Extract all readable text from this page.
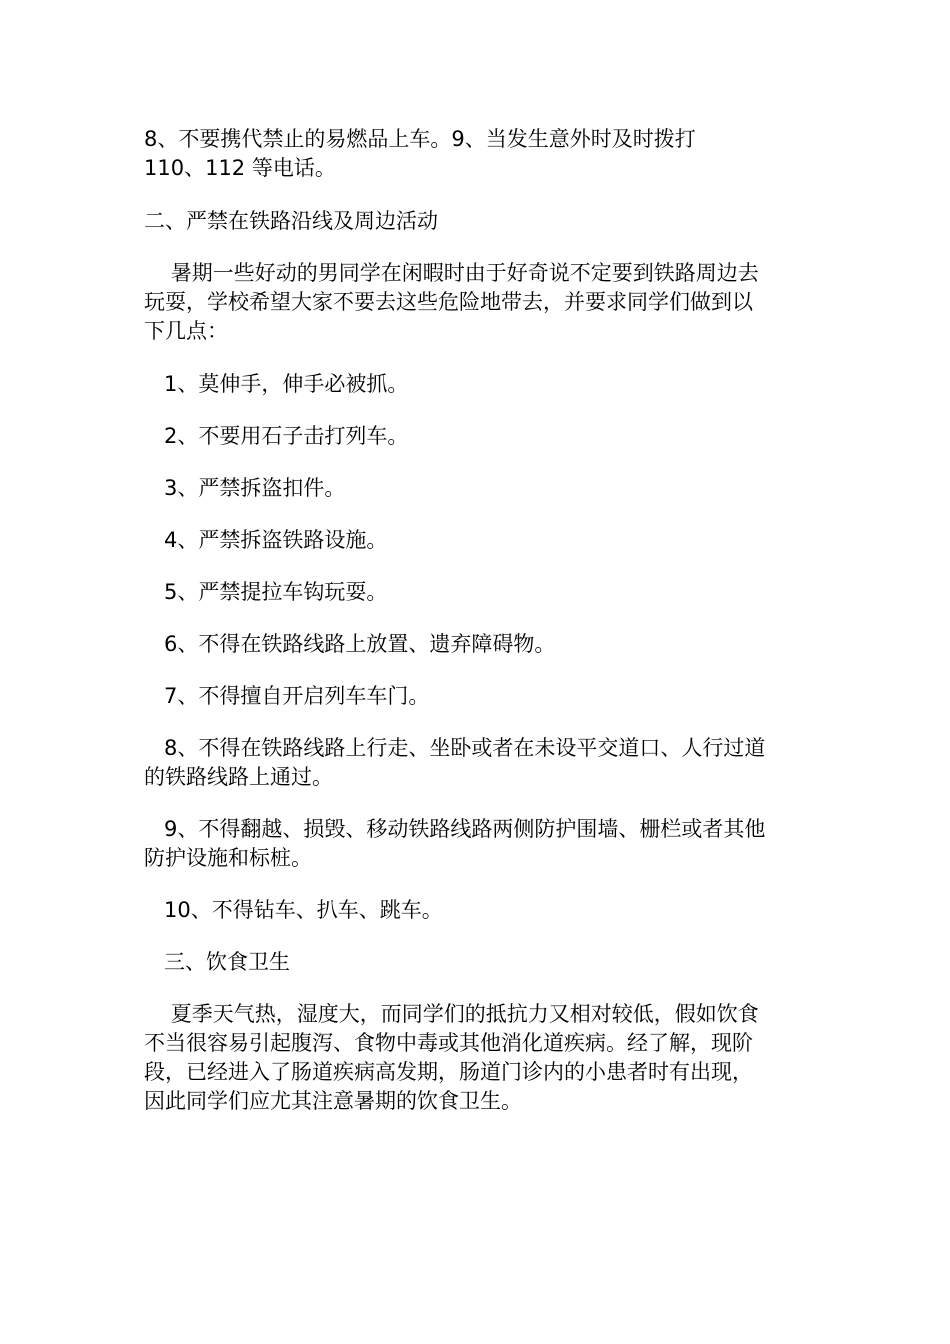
8、不要携代禁止的易燃品上车。9、当发生意外时及时拨打
110、112 等电话。
二、严禁在铁路沿线及周边活动
暑期一些好动的男同学在闲暇时由于好奇说不定要到铁路周边去
玩耍，学校希望大家不要去这些危险地带去，并要求同学们做到以
下几点：
1、莫伸手，伸手必被抓。
2、不要用石子击打列车。
3、严禁拆盗扣件。
4、严禁拆盗铁路设施。
5、严禁提拉车钩玩耍。
6、不得在铁路线路上放置、遗弃障碍物。
7、不得擅自开启列车车门。
8、不得在铁路线路上行走、坐卧或者在未设平交道口、人行过道
的铁路线路上通过。
9、不得翻越、损毁、移动铁路线路两侧防护围墙、栅栏或者其他
防护设施和标桩。
10、不得钻车、扒车、跳车。
三、饮食卫生
夏季天气热，湿度大，而同学们的抵抗力又相对较低，假如饮食
不当很容易引起腹泻、食物中毒或其他消化道疾病。经了解，现阶
段，已经进入了肠道疾病高发期，肠道门诊内的小患者时有出现，
因此同学们应尤其注意暑期的饮食卫生。
